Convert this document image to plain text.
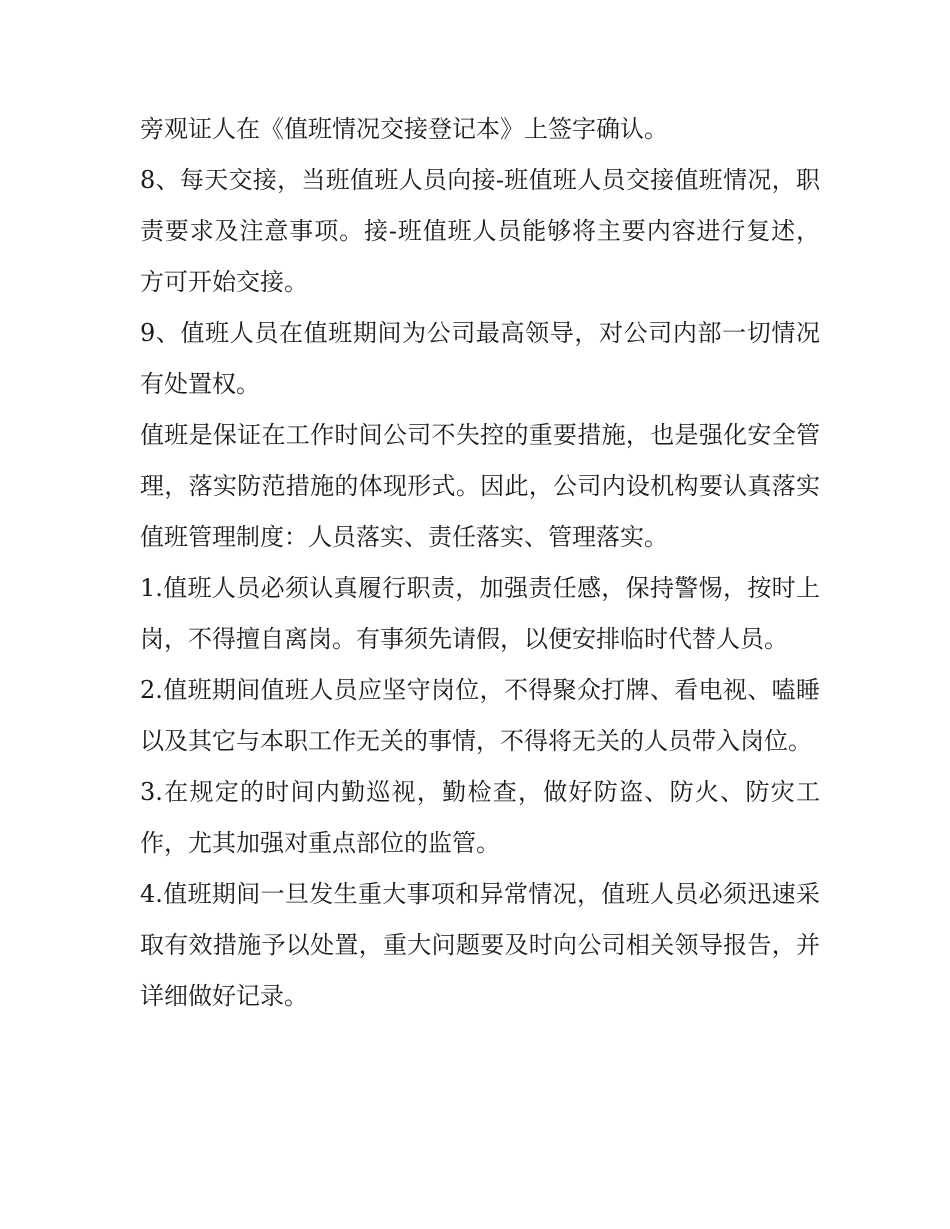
旁观证人在《值班情况交接登记本》上签字确认。

8、每天交接，当班值班人员向接-班值班人员交接值班情况，职责要求及注意事项。接-班值班人员能够将主要内容进行复述，方可开始交接。

9、值班人员在值班期间为公司最高领导，对公司内部一切情况有处置权。

值班是保证在工作时间公司不失控的重要措施，也是强化安全管理，落实防范措施的体现形式。因此，公司内设机构要认真落实值班管理制度：人员落实、责任落实、管理落实。

1.值班人员必须认真履行职责，加强责任感，保持警惕，按时上岗，不得擅自离岗。有事须先请假，以便安排临时代替人员。

2.值班期间值班人员应坚守岗位，不得聚众打牌、看电视、嗑睡以及其它与本职工作无关的事情，不得将无关的人员带入岗位。

3.在规定的时间内勤巡视，勤检查，做好防盗、防火、防灾工作，尤其加强对重点部位的监管。

4.值班期间一旦发生重大事项和异常情况，值班人员必须迅速采取有效措施予以处置，重大问题要及时向公司相关领导报告，并详细做好记录。
